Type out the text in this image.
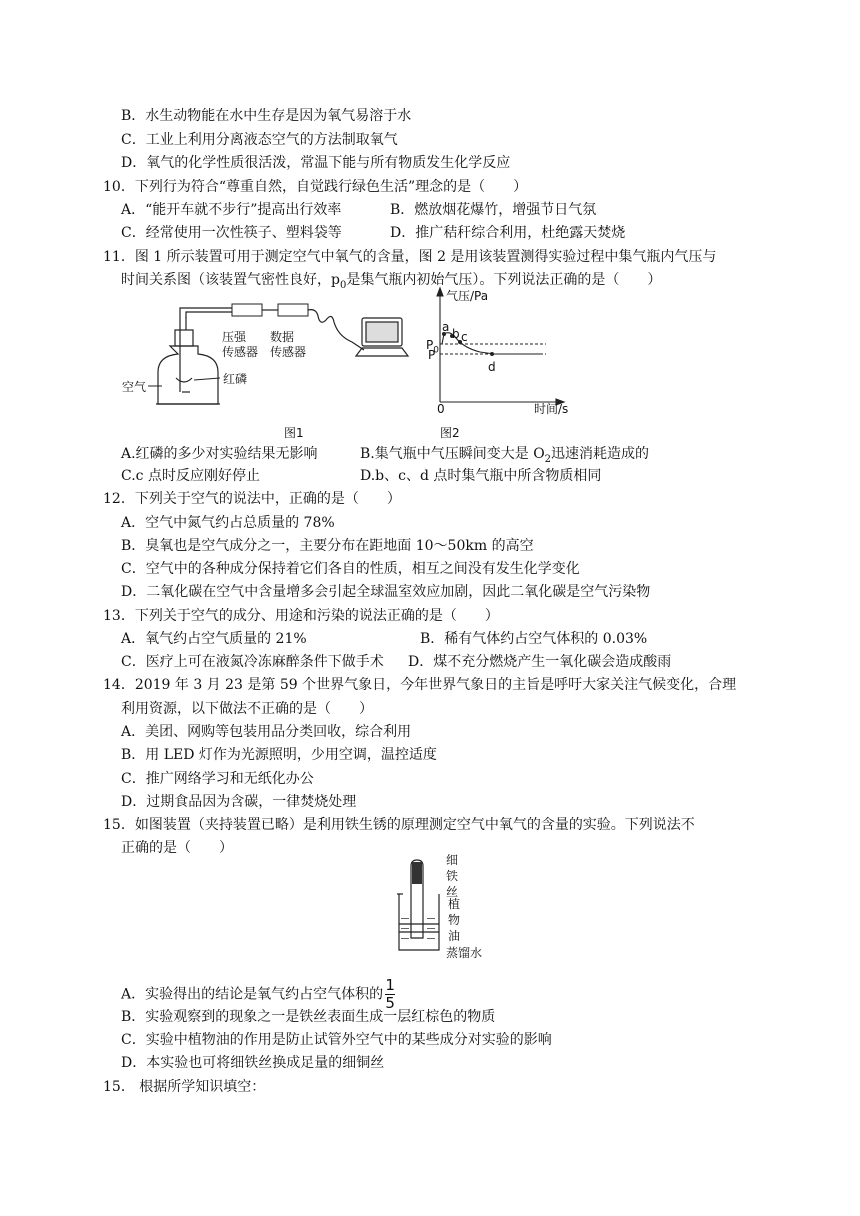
B．水生动物能在水中生存是因为氧气易溶于水
C．工业上利用分离液态空气的方法制取氧气
D．氧气的化学性质很活泼，常温下能与所有物质发生化学反应
10．下列行为符合“尊重自然，自觉践行绿色生活”理念的是（　　）
A．“能开车就不步行”提高出行效率	B．燃放烟花爆竹，增强节日气氛
C．经常使用一次性筷子、塑料袋等	D．推广秸秆综合利用，杜绝露天焚烧
11．图 1 所示装置可用于测定空气中氧气的含量，图 2 是用该装置测得实验过程中集气瓶内气压与
时间关系图（该装置气密性良好，$p_0$是集气瓶内初始气压）。下列说法正确的是（　　）
压强
传感器
数据
传感器
红磷
空气
图1
气压/Pa
时间/s
0
$P_0$
P
a b c
d
图2
A.红磷的多少对实验结果无影响	B.集气瓶中气压瞬间变大是 $O_2$迅速消耗造成的
C.c 点时反应刚好停止	D.b、c、d 点时集气瓶中所含物质相同
12．下列关于空气的说法中，正确的是（　　）
A．空气中氮气约占总质量的 78%
B．臭氧也是空气成分之一，主要分布在距地面 10～50km 的高空
C．空气中的各种成分保持着它们各自的性质，相互之间没有发生化学变化
D．二氧化碳在空气中含量增多会引起全球温室效应加剧，因此二氧化碳是空气污染物
13．下列关于空气的成分、用途和污染的说法正确的是（　　）
A．氧气约占空气质量的 21%	B．稀有气体约占空气体积的 0.03%
C．医疗上可在液氮冷冻麻醉条件下做手术 D．煤不充分燃烧产生一氧化碳会造成酸雨
14．2019 年 3 月 23 是第 59 个世界气象日，今年世界气象日的主旨是呼吁大家关注气候变化，合理
利用资源，以下做法不正确的是（　　）
A．美团、网购等包装用品分类回收，综合利用
B．用 LED 灯作为光源照明，少用空调，温控适度
C．推广网络学习和无纸化办公
D．过期食品因为含碳，一律焚烧处理
15．如图装置（夹持装置已略）是利用铁生锈的原理测定空气中氧气的含量的实验。下列说法不
正确的是（　　）
细
铁
丝
植
物
油
蒸馏水
A．实验得出的结论是氧气约占空气体积的 $\frac{1}{5}$
B．实验观察到的现象之一是铁丝表面生成一层红棕色的物质
C．实验中植物油的作用是防止试管外空气中的某些成分对实验的影响
D．本实验也可将细铁丝换成足量的细铜丝
15． 根据所学知识填空：
